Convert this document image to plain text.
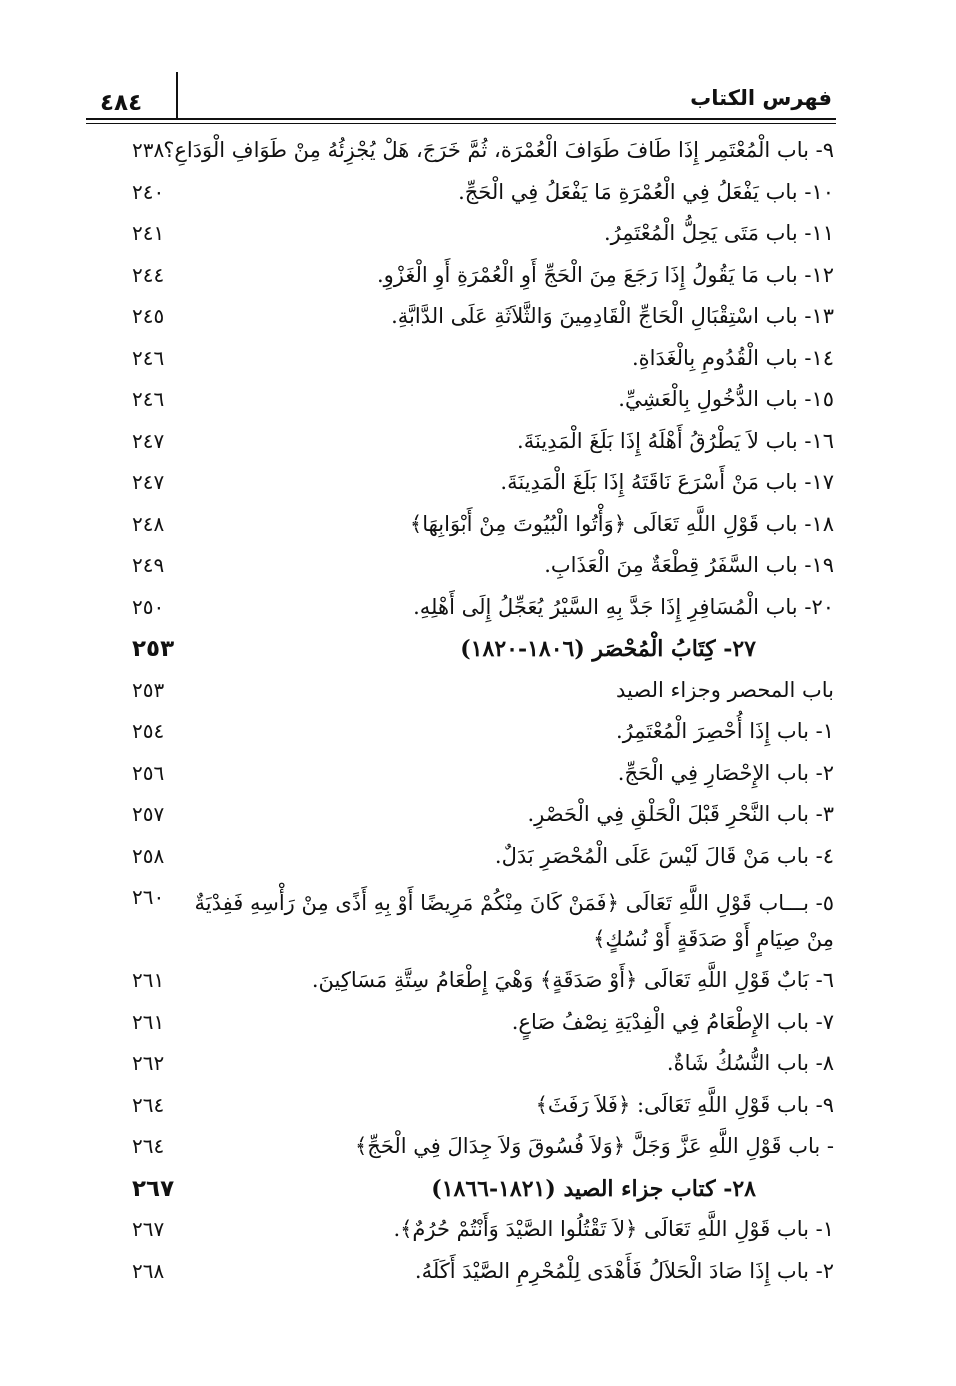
فهرس الكتاب
٤٨٤
٩- باب الْمُعْتَمِر إِذَا طَافَ طَوَافَ الْعُمْرَة، ثُمَّ خَرَجَ، هَلْ يُجْزِئُهُ مِنْ طَوَافِ الْوَدَاعِ؟
٢٣٨
١٠- باب يَفْعَلُ فِي الْعُمْرَةِ مَا يَفْعَلُ فِي الْحَجِّ.
٢٤٠
١١- باب مَتَى يَحِلُّ الْمُعْتَمِرُ.
٢٤١
١٢- باب مَا يَقُولُ إِذَا رَجَعَ مِنَ الْحَجِّ أَوِ الْعُمْرَةِ أَوِ الْغَزْوِ.
٢٤٤
١٣- باب اسْتِقْبَالِ الْحَاجِّ الْقَادِمِينَ وَالثَّلاَثَةِ عَلَى الدَّابَّةِ.
٢٤٥
١٤- باب الْقُدُومِ بِالْغَدَاةِ.
٢٤٦
١٥- باب الدُّخُولِ بِالْعَشِيِّ.
٢٤٦
١٦- باب لاَ يَطْرُقُ أَهْلَهُ إِذَا بَلَغَ الْمَدِينَةَ.
٢٤٧
١٧- باب مَنْ أَسْرَعَ نَاقَتَهُ إِذَا بَلَغَ الْمَدِينَةَ.
٢٤٧
١٨- باب قَوْلِ اللَّهِ تَعَالَى ﴿وَأْتُوا الْبُيُوتَ مِنْ أَبْوَابِهَا﴾
٢٤٨
١٩- باب السَّفَرُ قِطْعَةٌ مِنَ الْعَذَابِ.
٢٤٩
٢٠- باب الْمُسَافِرِ إِذَا جَدَّ بِهِ السَّيْرُ يُعَجِّلُ إِلَى أَهْلِهِ.
٢٥٠
٢٧- كِتَابُ الْمُحْصَر (١٨٠٦-١٨٢٠)
٢٥٣
باب المحصر وجزاء الصيد
٢٥٣
١- باب إِذَا أُحْصِرَ الْمُعْتَمِرُ.
٢٥٤
٢- باب الإِحْصَارِ فِي الْحَجِّ.
٢٥٦
٣- باب النَّحْرِ قَبْلَ الْحَلْقِ فِي الْحَصْرِ.
٢٥٧
٤- باب مَنْ قَالَ لَيْسَ عَلَى الْمُحْصَرِ بَدَلٌ.
٢٥٨
٥- بـــاب قَوْلِ اللَّهِ تَعَالَى ﴿فَمَنْ كَانَ مِنْكُمْ مَرِيضًا أَوْ بِهِ أَذًى مِنْ رَأْسِهِ فَفِدْيَةٌ مِنْ صِيَامٍ أَوْ صَدَقَةٍ أَوْ نُسُكٍ﴾
٢٦٠
٦- بَابٌ قَوْلِ اللَّهِ تَعَالَى ﴿أَوْ صَدَقَةٍ﴾ وَهْيَ إِطْعَامُ سِتَّةِ مَسَاكِينَ.
٢٦١
٧- باب الإِطْعَامُ فِي الْفِدْيَةِ نِصْفُ صَاعٍ.
٢٦١
٨- باب النُّسُكُ شَاةٌ.
٢٦٢
٩- باب قَوْلِ اللَّهِ تَعَالَى: ﴿فَلاَ رَفَثَ﴾
٢٦٤
- باب قَوْلِ اللَّهِ عَزَّ وَجَلَّ ﴿وَلاَ فُسُوقَ وَلاَ جِدَالَ فِي الْحَجِّ﴾
٢٦٤
٢٨- كتاب جزاء الصيد (١٨٢١-١٨٦٦)
٢٦٧
١- باب قَوْلِ اللَّهِ تَعَالَى ﴿لاَ تَقْتُلُوا الصَّيْدَ وَأَنْتُمْ حُرُمٌ﴾.
٢٦٧
٢- باب إِذَا صَادَ الْحَلاَلُ فَأَهْدَى لِلْمُحْرِمِ الصَّيْدَ أَكَلَهُ.
٢٦٨
